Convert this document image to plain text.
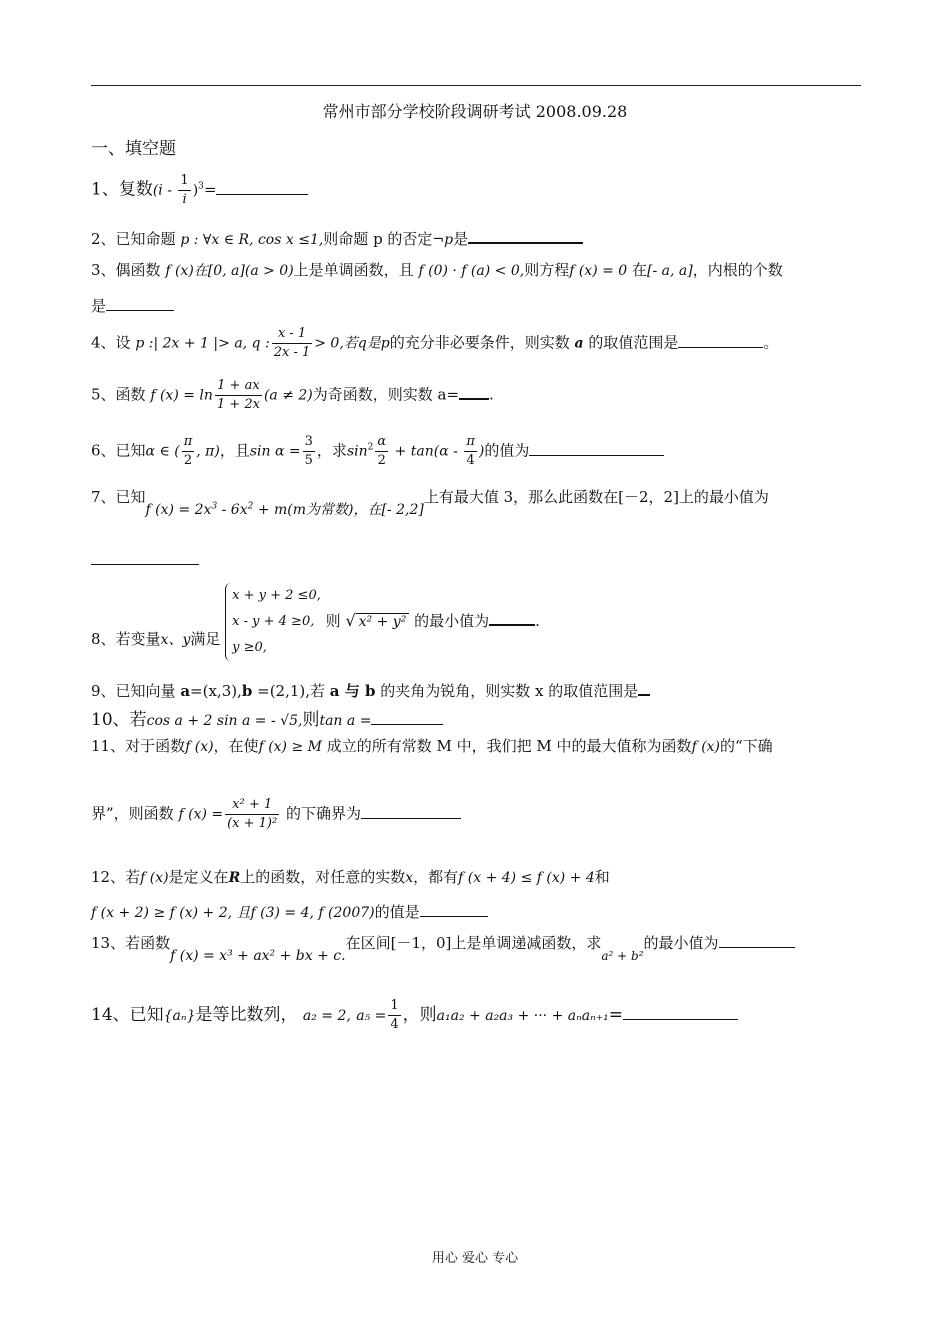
常州市部分学校阶段调研考试 2008.09.28
一、填空题
1、复数$(i - \frac{1}{i} )^3=$
2、已知命题 p : ∀x ∈ R, cos x ≤1,则命题 p 的否定¬p是
3、偶函数 f (x)在[0, a](a > 0)上是单调函数，且 f (0) · f (a) < 0,则方程f (x) = 0 在[- a, a]，内根的个数
是
4、设 p :| 2x + 1 |> a, q : $\frac{x - 1}{2x - 1} > 0$,若q是p的充分非必要条件，则实数 a 的取值范围是	。
5、函数 f $(x) = \ln \frac{1 + ax}{1 + 2x} (a \ne 2)$为奇函数，则实数 a= .
6、已知α ∈ ( $\frac{\pi}{2}$ , π)，且$\sin \alpha = \frac{3}{5}$ ，求$\sin^2 \frac{\alpha}{2} + \tan(\alpha - \frac{\pi}{4}$ )的值为
7、已知f $(x) = 2x^3 - 6x^2 + m(m$为常数)，在[- 2,2]上有最大值 3，那么此函数在[－2，2]上的最小值为
8、若变量x、y满足
x + y + 2 ≤0,
x - y + 4 ≥0,
y ≥0,
则 √ x² + y² 的最小值为	.
9、已知向量 a=(x,3),b =(2,1),若 a 与 b 的夹角为锐角，则实数 x 的取值范围是
10、若cos a + 2 sin a = - √5,则tan a =
11、对于函数f (x)，在使f (x) ≥ M 成立的所有常数 M 中，我们把 M 中的最大值称为函数f (x)的“下确
界”，则函数 f $(x) = \frac{\text{x² + 1}}{\text{(x + 1)²}}$ 的下确界为
12、若f (x)是定义在R上的函数，对任意的实数x，都有f (x + 4) ≤ f (x) + 4和
f (x + 2) ≥ f (x) + 2, 且f (3) = 4, f (2007)的值是
13、若函数f (x) = x³ + ax² + bx + c.在区间[－1，0]上是单调递减函数，求$_{a^2 + b^2}$的最小值为
14、已知{aₙ}是等比数列， a₂ = 2, $a_5 = \frac{1}{4}$ ，则a₁a₂ + a₂a₃ + ··· + aₙaₙ₊₁=
用心 爱心 专心
